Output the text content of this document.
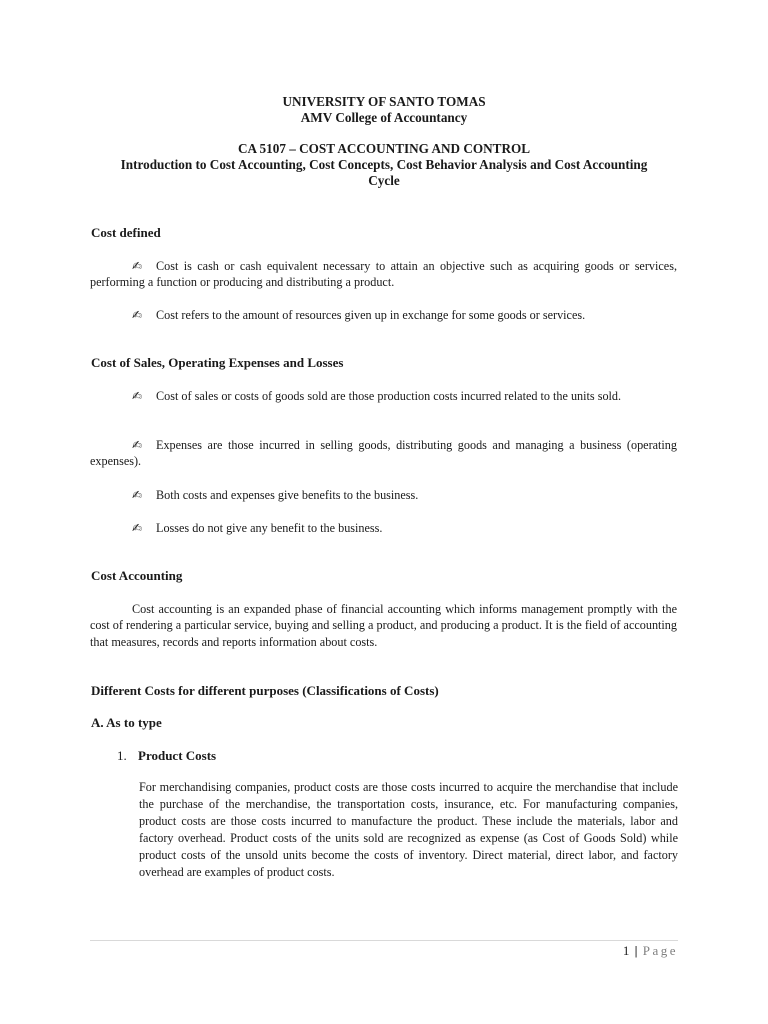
UNIVERSITY OF SANTO TOMAS
AMV College of Accountancy
CA 5107 – COST ACCOUNTING AND CONTROL
Introduction to Cost Accounting, Cost Concepts, Cost Behavior Analysis and Cost Accounting
Cycle
Cost defined
✍ Cost is cash or cash equivalent necessary to attain an objective such as acquiring goods or services, performing a function or producing and distributing a product.
✍ Cost refers to the amount of resources given up in exchange for some goods or services.
Cost of Sales, Operating Expenses and Losses
✍ Cost of sales or costs of goods sold are those production costs incurred related to the units sold.
✍ Expenses are those incurred in selling goods, distributing goods and managing a business (operating expenses).
✍ Both costs and expenses give benefits to the business.
✍ Losses do not give any benefit to the business.
Cost Accounting
Cost accounting is an expanded phase of financial accounting which informs management promptly with the cost of rendering a particular service, buying and selling a product, and producing a product. It is the field of accounting that measures, records and reports information about costs.
Different Costs for different purposes (Classifications of Costs)
A. As to type
1. Product Costs
For merchandising companies, product costs are those costs incurred to acquire the merchandise that include the purchase of the merchandise, the transportation costs, insurance, etc. For manufacturing companies, product costs are those costs incurred to manufacture the product. These include the materials, labor and factory overhead. Product costs of the units sold are recognized as expense (as Cost of Goods Sold) while product costs of the unsold units become the costs of inventory. Direct material, direct labor, and factory overhead are examples of product costs.
1 | Page
